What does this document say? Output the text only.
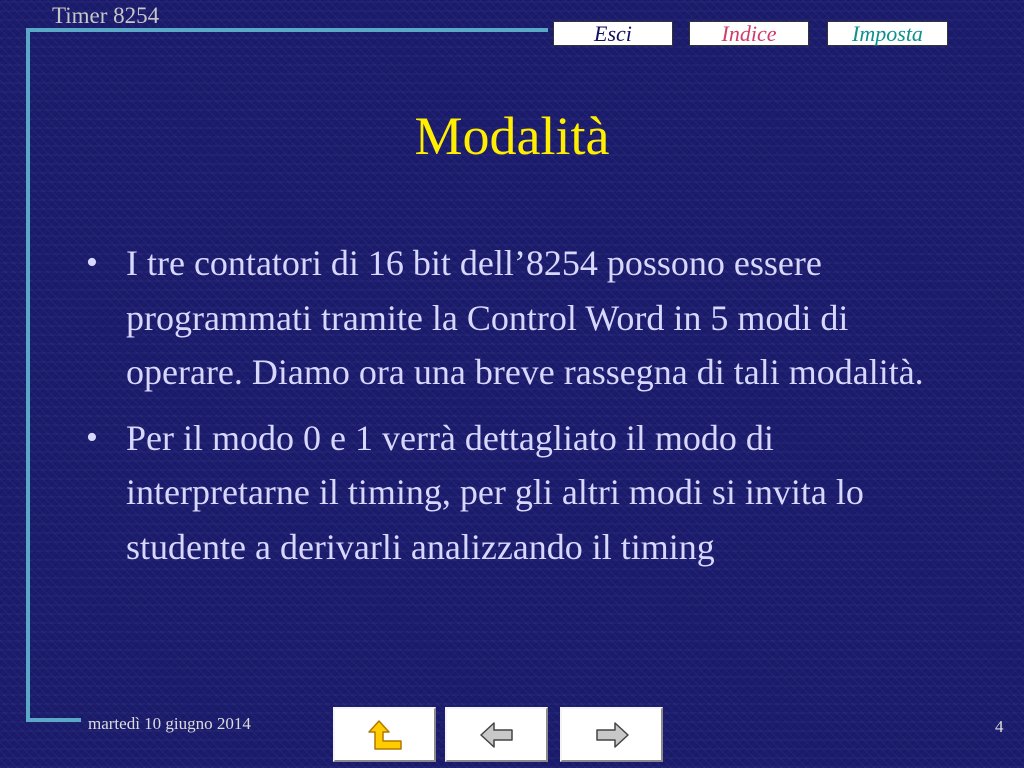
Timer 8254
Esci	Indice	Imposta
Modalità
• I tre contatori di 16 bit dell’8254 possono essere programmati tramite la Control Word in 5 modi di operare. Diamo ora una breve rassegna di tali modalità.
• Per il modo 0 e 1 verrà dettagliato il modo di interpretarne il timing, per gli altri modi si invita lo studente a derivarli analizzando il timing
martedì 10 giugno 2014	4
